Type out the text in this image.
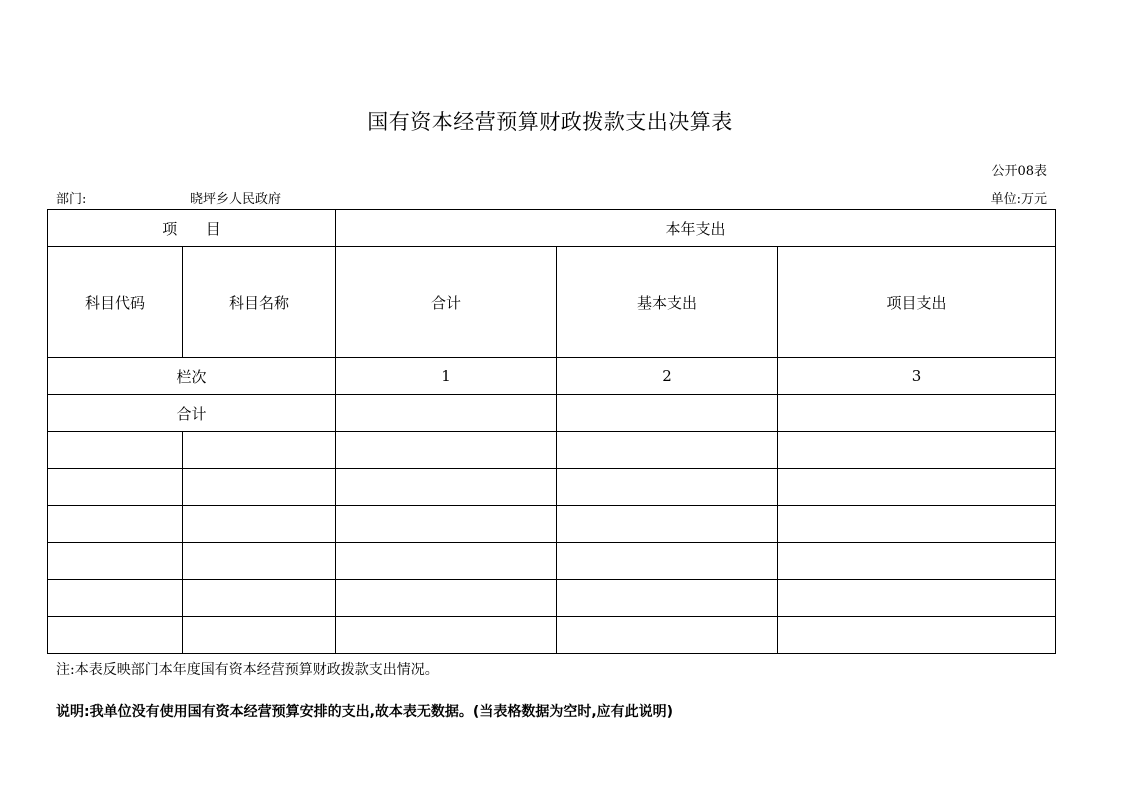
国有资本经营预算财政拨款支出决算表
公开08表
部门:	晓坪乡人民政府	单位:万元
项      目		本年支出		
科目代码	科目名称	合计	基本支出	项目支出
栏次		1	2	3
合计				

注:本表反映部门本年度国有资本经营预算财政拨款支出情况。
说明:我单位没有使用国有资本经营预算安排的支出,故本表无数据。(当表格数据为空时,应有此说明)
